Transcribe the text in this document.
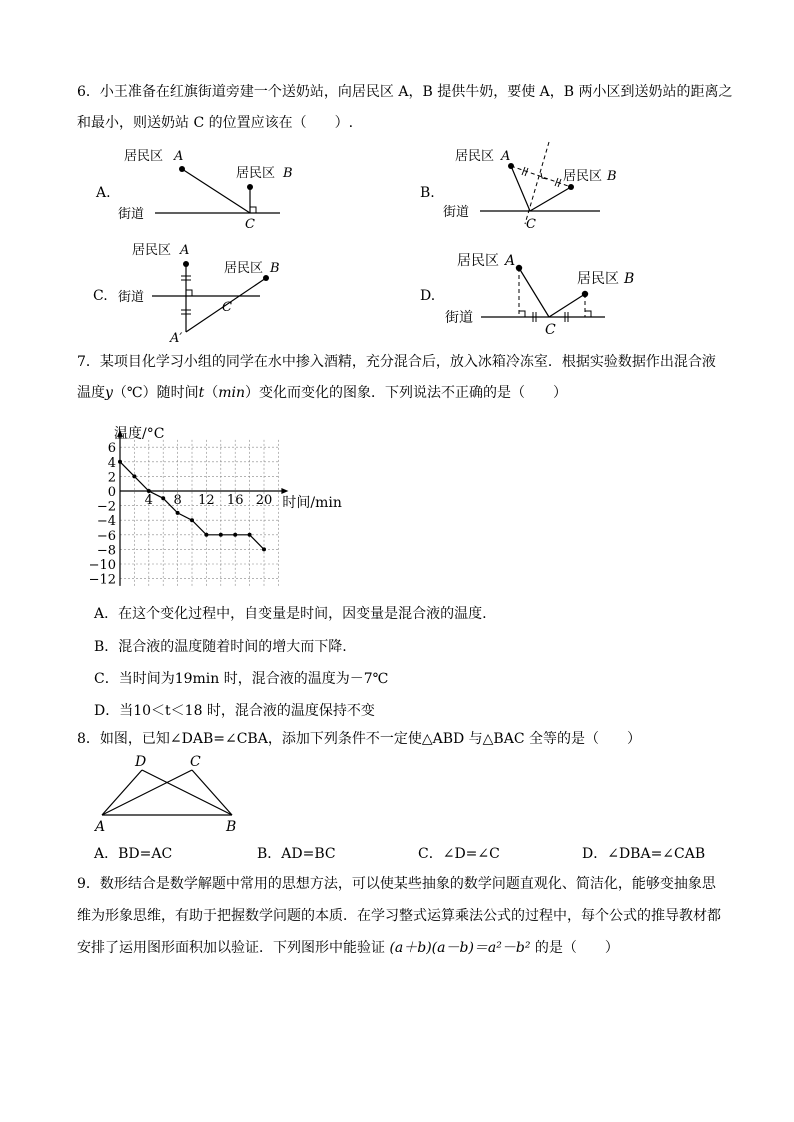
6．小王准备在红旗街道旁建一个送奶站，向居民区 A，B 提供牛奶，要使 A，B 两小区到送奶站的距离之
和最小，则送奶站 C 的位置应该在（　　）.
A.
街道
居民区 A
居民区 B
C
B.
街道
居民区 A
居民区 B
C
C. 街道
居民区 A
居民区 B
C
A′
D.
街道
居民区 A
居民区 B
C
7．某项目化学习小组的同学在水中掺入酒精，充分混合后，放入冰箱冷冻室．根据实验数据作出混合液
温度y（℃）随时间t（min）变化而变化的图象．下列说法不正确的是（　　）
6
4
2
0
−2
−4
−6
−8
−10
−12
4 8 12 16 20
温度/°C
时间/min
A．在这个变化过程中，自变量是时间，因变量是混合液的温度.
B．混合液的温度随着时间的增大而下降.
C．当时间为19min 时，混合液的温度为－7℃
D．当10＜t＜18 时，混合液的温度保持不变
8．如图，已知∠DAB=∠CBA，添加下列条件不一定使△ABD 与△BAC 全等的是（　　）
D	C
A	B
A．BD=AC	B．AD=BC	C．∠D=∠C	D．∠DBA=∠CAB
9．数形结合是数学解题中常用的思想方法，可以使某些抽象的数学问题直观化、简洁化，能够变抽象思
维为形象思维，有助于把握数学问题的本质．在学习整式运算乘法公式的过程中，每个公式的推导教材都
安排了运用图形面积加以验证．下列图形中能验证 (a＋b)(a－b)＝a²－b² 的是（　　）
